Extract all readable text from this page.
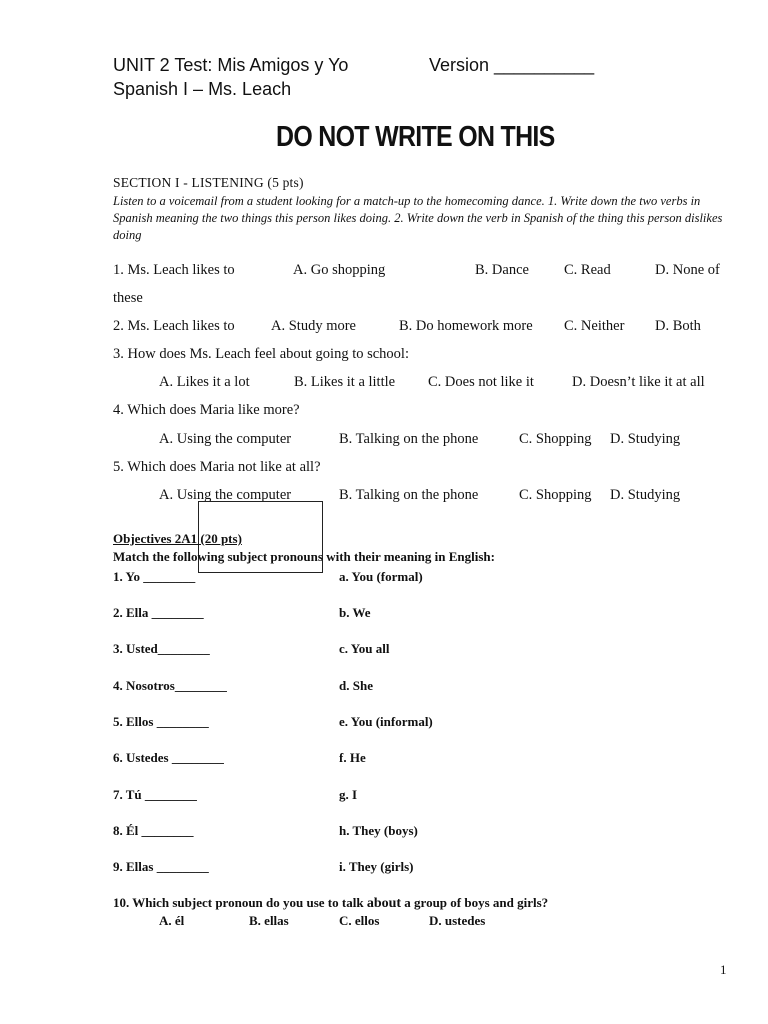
UNIT 2 Test: Mis Amigos y Yo	Version __________
Spanish I – Ms. Leach
DO NOT WRITE ON THIS
SECTION I - LISTENING (5 pts)
Listen to a voicemail from a student looking for a match-up to the homecoming dance. 1. Write down the two verbs in Spanish meaning the two things this person likes doing. 2. Write down the verb in Spanish of the thing this person dislikes doing
1. Ms. Leach likes to	A. Go shopping	B. Dance C. Read	D. None of
these
2. Ms. Leach likes to	A. Study more	B. Do homework more C. Neither D. Both
3. How does Ms. Leach feel about going to school:
A. Likes it a lot	B. Likes it a little C. Does not like it	D. Doesn’t like it at all
4. Which does Maria like more?
A. Using the computer	B. Talking on the phone	C. Shopping D. Studying
5. Which does Maria not like at all?
A. Using the computer	B. Talking on the phone	C. Shopping D. Studying
Objectives 2A1 (20 pts)
Match the following subject pronouns with their meaning in English:
1. Yo ________	a. You (formal)
2. Ella ________	b. We
3. Usted________	c. You all
4. Nosotros________	d. She
5. Ellos ________	e. You (informal)
6. Ustedes ________	f. He
7. Tú ________	g. I
8. Él ________	h. They (boys)
9. Ellas ________	i. They (girls)
10. Which subject pronoun do you use to talk about a group of boys and girls?
A. él	B. ellas	C. ellos	D. ustedes
1
